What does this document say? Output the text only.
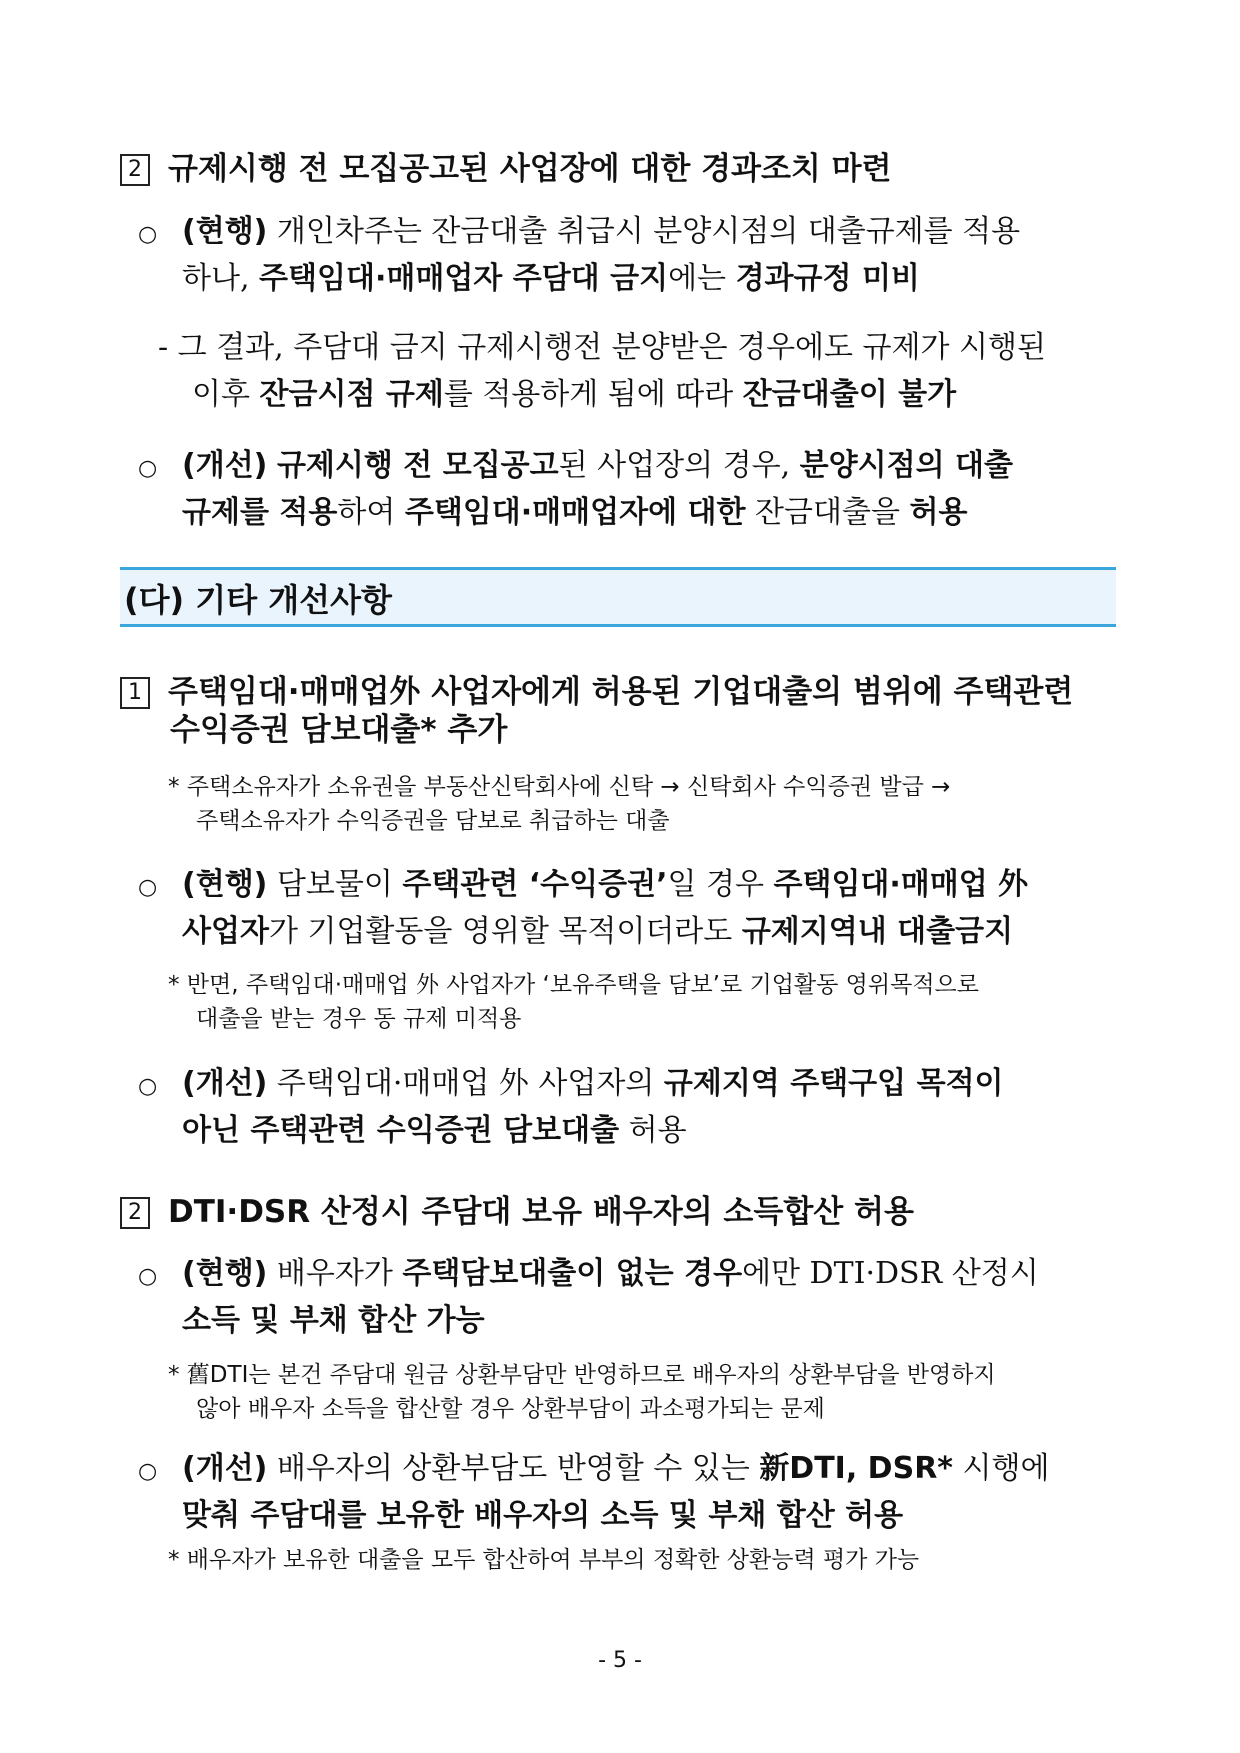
2 규제시행 전 모집공고된 사업장에 대한 경과조치 마련
○ (현행) 개인차주는 잔금대출 취급시 분양시점의 대출규제를 적용
하나, 주택임대·매매업자 주담대 금지에는 경과규정 미비
- 그 결과, 주담대 금지 규제시행전 분양받은 경우에도 규제가 시행된
이후 잔금시점 규제를 적용하게 됨에 따라 잔금대출이 불가
○ (개선) 규제시행 전 모집공고된 사업장의 경우, 분양시점의 대출
규제를 적용하여 주택임대·매매업자에 대한 잔금대출을 허용
(다) 기타 개선사항
1 주택임대·매매업外 사업자에게 허용된 기업대출의 범위에 주택관련
수익증권 담보대출* 추가
* 주택소유자가 소유권을 부동산신탁회사에 신탁 → 신탁회사 수익증권 발급 →
주택소유자가 수익증권을 담보로 취급하는 대출
○ (현행) 담보물이 주택관련 ‘수익증권’일 경우 주택임대·매매업 外
사업자가 기업활동을 영위할 목적이더라도 규제지역내 대출금지
* 반면, 주택임대·매매업 外 사업자가 ‘보유주택을 담보’로 기업활동 영위목적으로
대출을 받는 경우 동 규제 미적용
○ (개선) 주택임대·매매업 外 사업자의 규제지역 주택구입 목적이
아닌 주택관련 수익증권 담보대출 허용
2 DTI·DSR 산정시 주담대 보유 배우자의 소득합산 허용
○ (현행) 배우자가 주택담보대출이 없는 경우에만 DTI·DSR 산정시
소득 및 부채 합산 가능
* 舊DTI는 본건 주담대 원금 상환부담만 반영하므로 배우자의 상환부담을 반영하지
않아 배우자 소득을 합산할 경우 상환부담이 과소평가되는 문제
○ (개선) 배우자의 상환부담도 반영할 수 있는 新DTI, DSR* 시행에
맞춰 주담대를 보유한 배우자의 소득 및 부채 합산 허용
* 배우자가 보유한 대출을 모두 합산하여 부부의 정확한 상환능력 평가 가능
- 5 -
